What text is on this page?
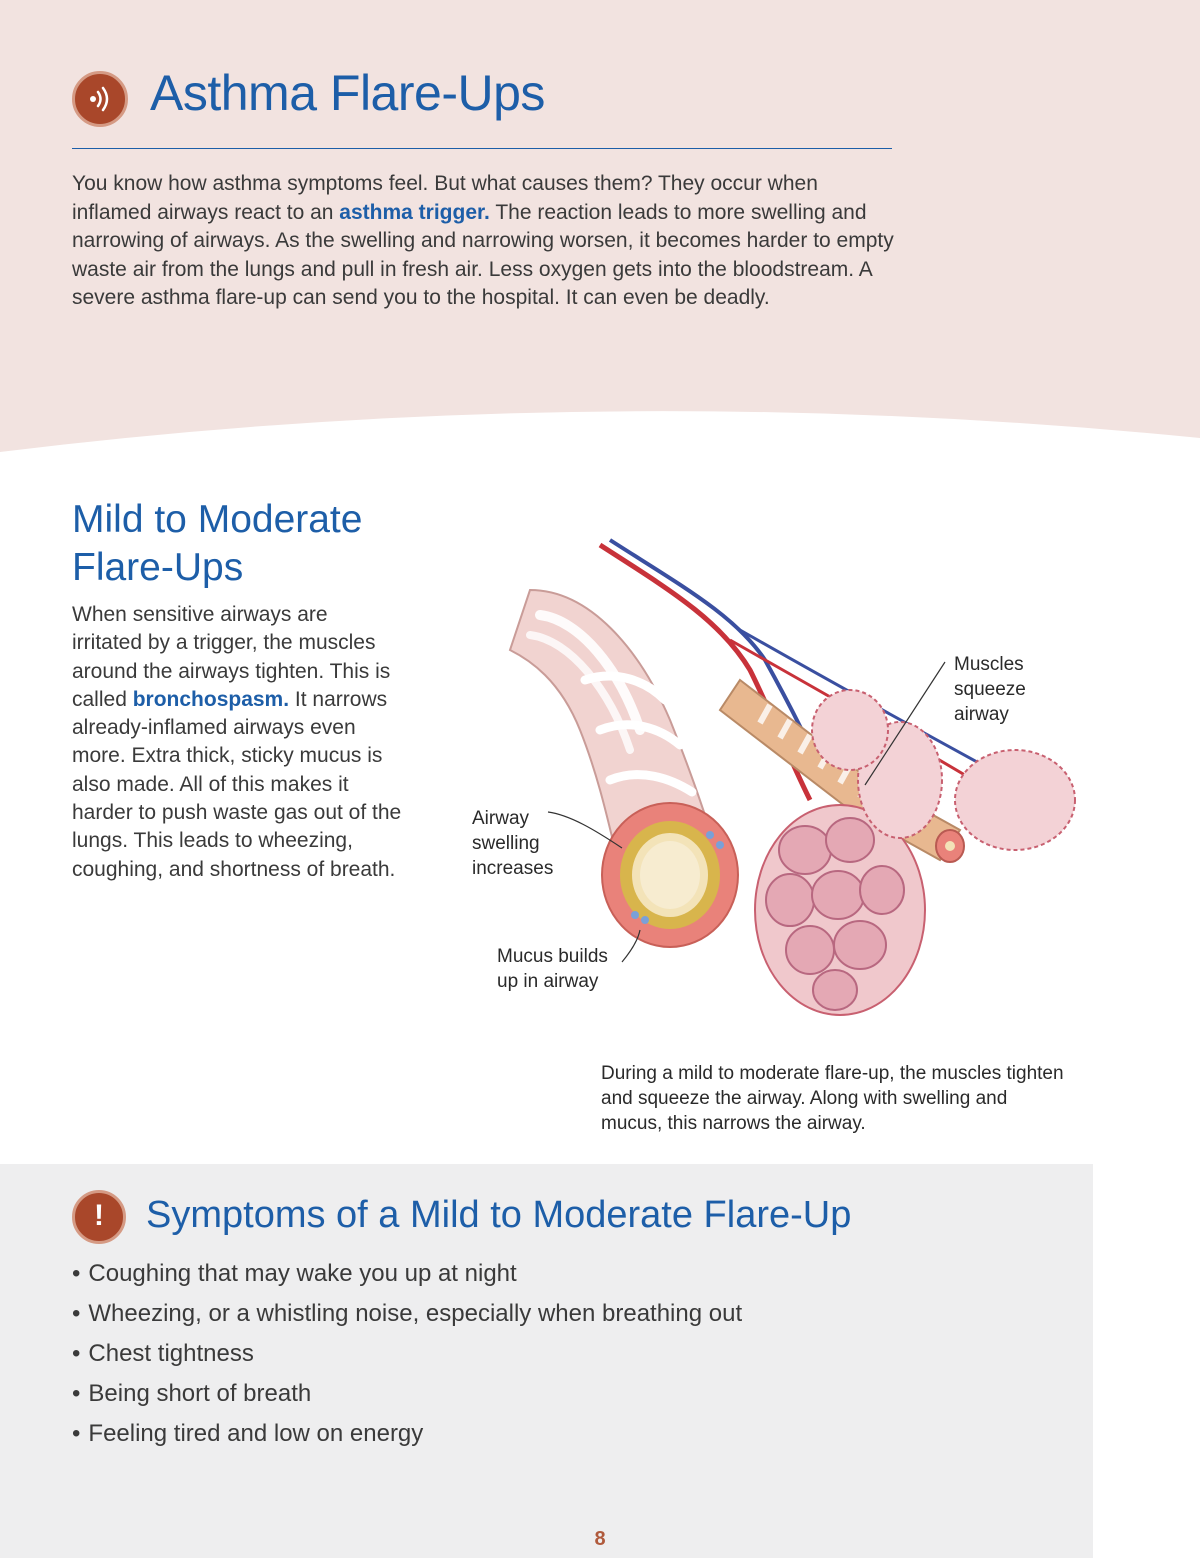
Asthma Flare-Ups

You know how asthma symptoms feel. But what causes them? They occur when inflamed airways react to an asthma trigger. The reaction leads to more swelling and narrowing of airways. As the swelling and narrowing worsen, it becomes harder to empty waste air from the lungs and pull in fresh air. Less oxygen gets into the bloodstream. A severe asthma flare-up can send you to the hospital. It can even be deadly.

Mild to Moderate
Flare-Ups

When sensitive airways are irritated by a trigger, the muscles around the airways tighten. This is called bronchospasm. It narrows already-inflamed airways even more. Extra thick, sticky mucus is also made. All of this makes it harder to push waste gas out of the lungs. This leads to wheezing, coughing, and shortness of breath.

Muscles
squeeze
airway
Airway
swelling
increases
Mucus builds
up in airway

During a mild to moderate flare-up, the muscles tighten and squeeze the airway. Along with swelling and mucus, this narrows the airway.

!	Symptoms of a Mild to Moderate Flare-Up
• Coughing that may wake you up at night
• Wheezing, or a whistling noise, especially when breathing out
• Chest tightness
• Being short of breath
• Feeling tired and low on energy
8
